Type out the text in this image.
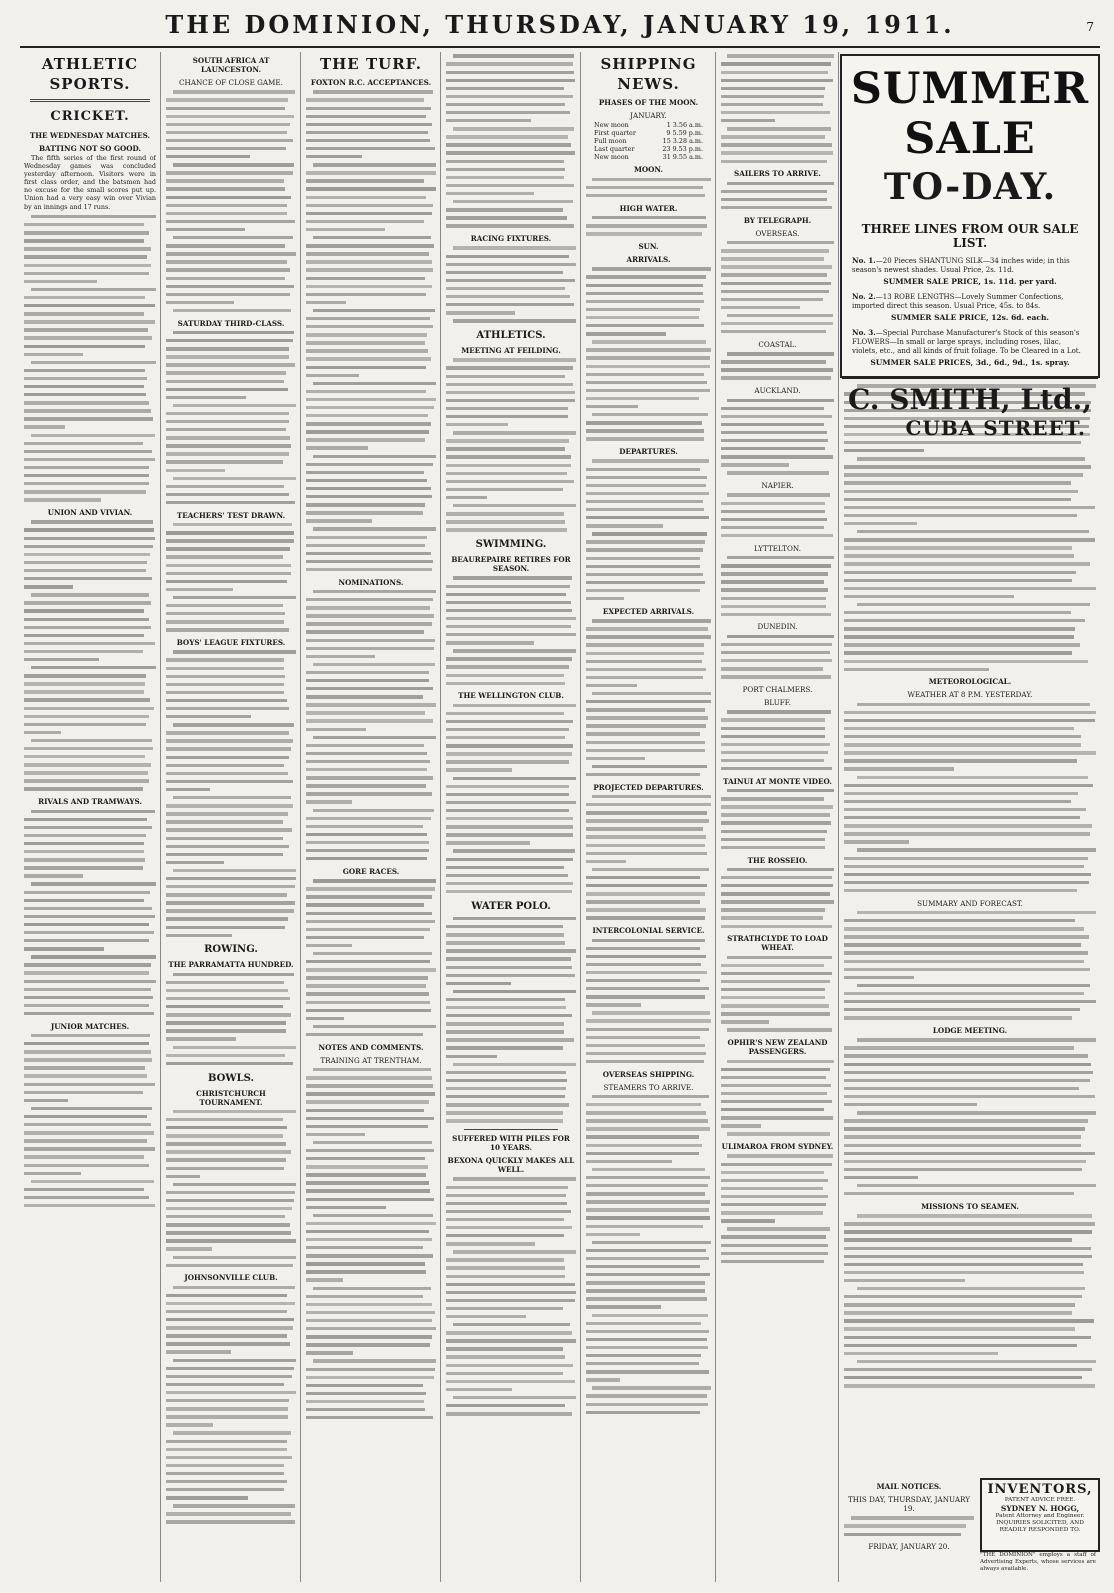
THE DOMINION, THURSDAY, JANUARY 19, 1911.	7
ATHLETIC SPORTS.
CRICKET.
THE WEDNESDAY MATCHES.
BATTING NOT SO GOOD.

The fifth series of the first round of Wednesday games was concluded yesterday afternoon. Visitors were in first class order, and the batsmen had no excuse for the small scores put up. Union had a very easy win over Vivian by an innings and 17 runs.

UNION AND VIVIAN.
RIVALS AND TRAMWAYS.
JUNIOR MATCHES.
SOUTH AFRICA AT LAUNCESTON.
CHANCE OF CLOSE GAME.
SATURDAY THIRD-CLASS.
TEACHERS' TEST DRAWN.
BOYS' LEAGUE FIXTURES.
ROWING.
THE PARRAMATTA HUNDRED.
BOWLS.
CHRISTCHURCH TOURNAMENT.
JOHNSONVILLE CLUB.
THE TURF.
FOXTON R.C. ACCEPTANCES.
NOMINATIONS.
GORE RACES.
NOTES AND COMMENTS.
TRAINING AT TRENTHAM.
RACING FIXTURES.
ATHLETICS.
MEETING AT FEILDING.
SWIMMING.
BEAUREPAIRE RETIRES FOR SEASON.
THE WELLINGTON CLUB.
WATER POLO.
SUFFERED WITH PILES FOR 10 YEARS.
BEXONA QUICKLY MAKES ALL WELL.
SHIPPING NEWS.
PHASES OF THE MOON.
JANUARY.
New moon	1 3.56 a.m.
First quarter	9 5.59 p.m.
Full moon	15 3.28 a.m.
Last quarter	23 9.53 p.m.
New moon	31 9.55 a.m.
MOON.
HIGH WATER.
SUN.
ARRIVALS.
DEPARTURES.
EXPECTED ARRIVALS.
PROJECTED DEPARTURES.
INTERCOLONIAL SERVICE.
OVERSEAS SHIPPING.
STEAMERS TO ARRIVE.
SAILERS TO ARRIVE.
BY TELEGRAPH.
OVERSEAS.
COASTAL.
AUCKLAND.
NAPIER.
LYTTELTON.
DUNEDIN.
PORT CHALMERS.
BLUFF.
TAINUI AT MONTE VIDEO.
THE ROSSEIO.
STRATHCLYDE TO LOAD WHEAT.
OPHIR'S NEW ZEALAND PASSENGERS.
ULIMAROA FROM SYDNEY.
METEOROLOGICAL.
WEATHER AT 8 P.M. YESTERDAY.
SUMMARY AND FORECAST.
LODGE MEETING.
MISSIONS TO SEAMEN.
SUMMER SALE
TO-DAY.
THREE LINES FROM OUR SALE LIST.
No. 1.—20 Pieces SHANTUNG SILK—34 inches wide; in this season's newest shades. Usual Price, 2s. 11d.
SUMMER SALE PRICE, 1s. 11d. per yard.
No. 2.—13 ROBE LENGTHS—Lovely Summer Confections, imported direct this season. Usual Price, 45s. to 84s.
SUMMER SALE PRICE, 12s. 6d. each.
No. 3.—Special Purchase Manufacturer's Stock of this season's FLOWERS—In small or large sprays, including roses, lilac, violets, etc., and all kinds of fruit foliage. To be Cleared in a Lot.
SUMMER SALE PRICES, 3d., 6d., 9d., 1s. spray.
C. SMITH, Ltd.,
CUBA STREET.
MAIL NOTICES.
THIS DAY, THURSDAY, JANUARY 19.
FRIDAY, JANUARY 20.
INVENTORS,
PATENT ADVICE FREE.
SYDNEY N. HOGG,
Patent Attorney and Engineer.
INQUIRIES SOLICITED, AND READILY RESPONDED TO.
"THE DOMINION" employs a staff of Advertising Experts, whose services are always available.
